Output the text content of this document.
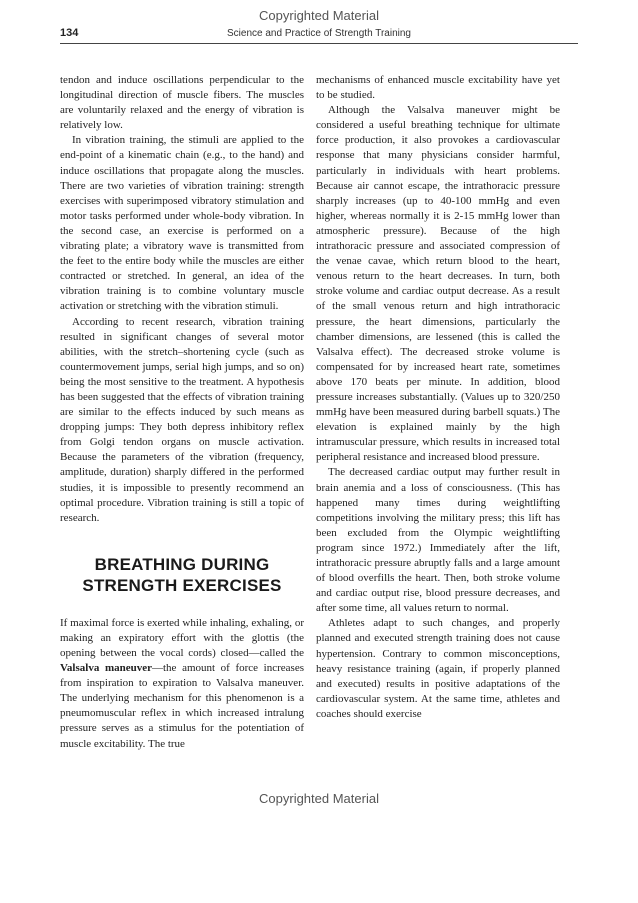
Copyrighted Material
134	Science and Practice of Strength Training

tendon and induce oscillations perpendicular to the longitudinal direction of muscle fibers. The muscles are voluntarily relaxed and the energy of vibration is relatively low.

In vibration training, the stimuli are applied to the end-point of a kinematic chain (e.g., to the hand) and induce oscillations that propagate along the muscles. There are two varieties of vibration training: strength exercises with superimposed vibratory stimulation and motor tasks performed under whole-body vibration. In the second case, an exercise is performed on a vibrating plate; a vibratory wave is transmitted from the feet to the entire body while the muscles are either contracted or stretched. In general, an idea of the vibration training is to combine voluntary muscle activation or stretching with the vibration stimuli.

According to recent research, vibration training resulted in significant changes of several motor abilities, with the stretch–shortening cycle (such as countermovement jumps, serial high jumps, and so on) being the most sensitive to the treatment. A hypothesis has been suggested that the effects of vibration training are similar to the effects induced by such means as dropping jumps: They both depress inhibitory reflex from Golgi tendon organs on muscle activation. Because the parameters of the vibration (frequency, amplitude, duration) sharply differed in the performed studies, it is impossible to presently recommend an optimal procedure. Vibration training is still a topic of research.

BREATHING DURING
STRENGTH EXERCISES

If maximal force is exerted while inhaling, exhaling, or making an expiratory effort with the glottis (the opening between the vocal cords) closed—called the Valsalva maneuver—the amount of force increases from inspiration to expiration to Valsalva maneuver. The underlying mechanism for this phenomenon is a pneumomuscular reflex in which increased intralung pressure serves as a stimulus for the potentiation of muscle excitability. The true

mechanisms of enhanced muscle excitability have yet to be studied.

Although the Valsalva maneuver might be considered a useful breathing technique for ultimate force production, it also provokes a cardiovascular response that many physicians consider harmful, particularly in individuals with heart problems. Because air cannot escape, the intrathoracic pressure sharply increases (up to 40-100 mmHg and even higher, whereas normally it is 2-15 mmHg lower than atmospheric pressure). Because of the high intrathoracic pressure and associated compression of the venae cavae, which return blood to the heart, venous return to the heart decreases. In turn, both stroke volume and cardiac output decrease. As a result of the small venous return and high intrathoracic pressure, the heart dimensions, particularly the chamber dimensions, are lessened (this is called the Valsalva effect). The decreased stroke volume is compensated for by increased heart rate, sometimes above 170 beats per minute. In addition, blood pressure increases substantially. (Values up to 320/250 mmHg have been measured during barbell squats.) The elevation is explained mainly by the high intramuscular pressure, which results in increased total peripheral resistance and increased blood pressure.

The decreased cardiac output may further result in brain anemia and a loss of consciousness. (This has happened many times during weightlifting competitions involving the military press; this lift has been excluded from the Olympic weightlifting program since 1972.) Immediately after the lift, intrathoracic pressure abruptly falls and a large amount of blood overfills the heart. Then, both stroke volume and cardiac output rise, blood pressure decreases, and after some time, all values return to normal.

Athletes adapt to such changes, and properly planned and executed strength training does not cause hypertension. Contrary to common misconceptions, heavy resistance training (again, if properly planned and executed) results in positive adaptations of the cardiovascular system. At the same time, athletes and coaches should exercise

Copyrighted Material
